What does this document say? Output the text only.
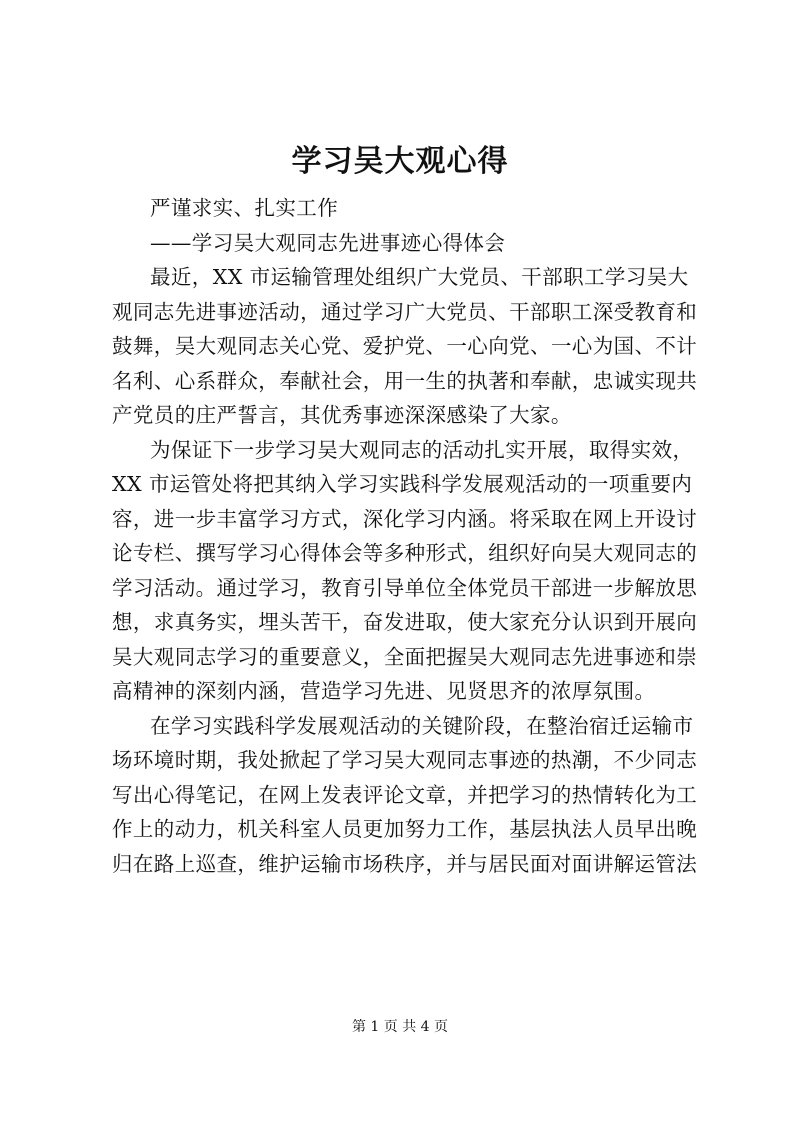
学习吴大观心得

严谨求实、扎实工作

——学习吴大观同志先进事迹心得体会

最近，XX 市运输管理处组织广大党员、干部职工学习吴大

观同志先进事迹活动，通过学习广大党员、干部职工深受教育和

鼓舞，吴大观同志关心党、爱护党、一心向党、一心为国、不计

名利、心系群众，奉献社会，用一生的执著和奉献，忠诚实现共

产党员的庄严誓言，其优秀事迹深深感染了大家。

为保证下一步学习吴大观同志的活动扎实开展，取得实效，

XX 市运管处将把其纳入学习实践科学发展观活动的一项重要内

容，进一步丰富学习方式，深化学习内涵。将采取在网上开设讨

论专栏、撰写学习心得体会等多种形式，组织好向吴大观同志的

学习活动。通过学习，教育引导单位全体党员干部进一步解放思

想，求真务实，埋头苦干，奋发进取，使大家充分认识到开展向

吴大观同志学习的重要意义，全面把握吴大观同志先进事迹和崇

高精神的深刻内涵，营造学习先进、见贤思齐的浓厚氛围。

在学习实践科学发展观活动的关键阶段，在整治宿迁运输市

场环境时期，我处掀起了学习吴大观同志事迹的热潮，不少同志

写出心得笔记，在网上发表评论文章，并把学习的热情转化为工

作上的动力，机关科室人员更加努力工作，基层执法人员早出晚

归在路上巡查，维护运输市场秩序，并与居民面对面讲解运管法

第 1 页 共 4 页
